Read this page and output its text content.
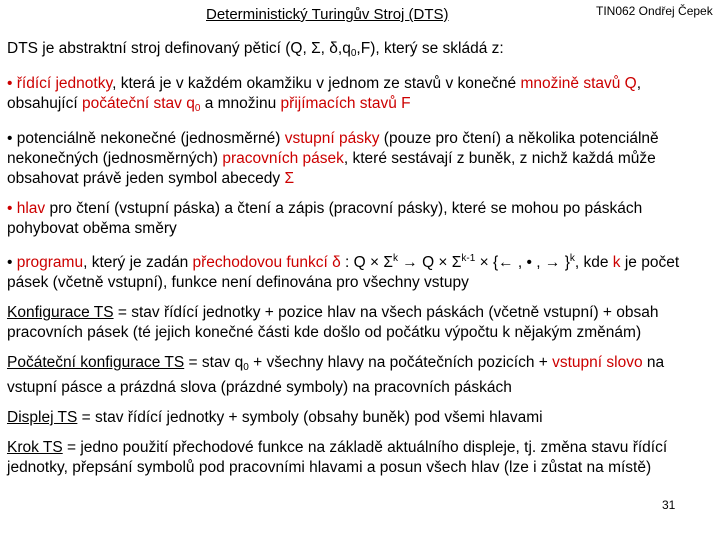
Deterministický Turingův Stroj (DTS)	TIN062 Ondřej Čepek

DTS je abstraktní stroj definovaný pěticí (Q, Σ, $\delta,q_0,F$), který se skládá z:

• řídící jednotky, která je v každém okamžiku v jednom ze stavů v konečné množině stavů Q, obsahující počáteční stav $q_0$ a množinu přijímacích stavů F

• potenciálně nekonečné (jednosměrné) vstupní pásky (pouze pro čtení) a několika potenciálně nekonečných (jednosměrných) pracovních pásek, které sestávají z buněk, z nichž každá může obsahovat právě jeden symbol abecedy Σ

• hlav pro čtení (vstupní páska) a čtení a zápis (pracovní pásky), které se mohou po páskách pohybovat oběma směry

• programu, který je zadán přechodovou funkcí δ : $Q \times \Sigma^k \to Q \times \Sigma^{k-1}$ × {← , • , → }$^k$, kde k je počet pásek (včetně vstupní), funkce není definována pro všechny vstupy

Konfigurace TS = stav řídící jednotky + pozice hlav na všech páskách (včetně vstupní) + obsah pracovních pásek (té jejich konečné části kde došlo od počátku výpočtu k nějakým změnám)

Počáteční konfigurace TS = stav $q_0$ + všechny hlavy na počátečních pozicích + vstupní slovo na vstupní pásce a prázdná slova (prázdné symboly) na pracovních páskách

Displej TS = stav řídící jednotky + symboly (obsahy buněk) pod všemi hlavami

Krok TS = jedno použití přechodové funkce na základě aktuálního displeje, tj. změna stavu řídící jednotky, přepsání symbolů pod pracovními hlavami a posun všech hlav (lze i zůstat na místě)

31
